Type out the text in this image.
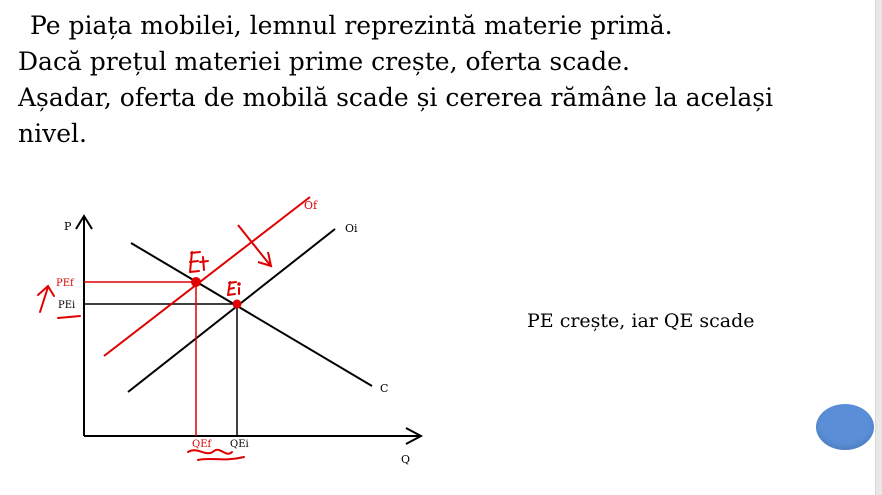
Pe piața mobilei, lemnul reprezintă materie primă.

Dacă prețul materiei prime crește, oferta scade.

Așadar, oferta de mobilă scade și cererea rămâne la același

nivel.

P
Q
Oi
C
PEi
QEi
Of
PEf
QEf
PE crește, iar QE scade
